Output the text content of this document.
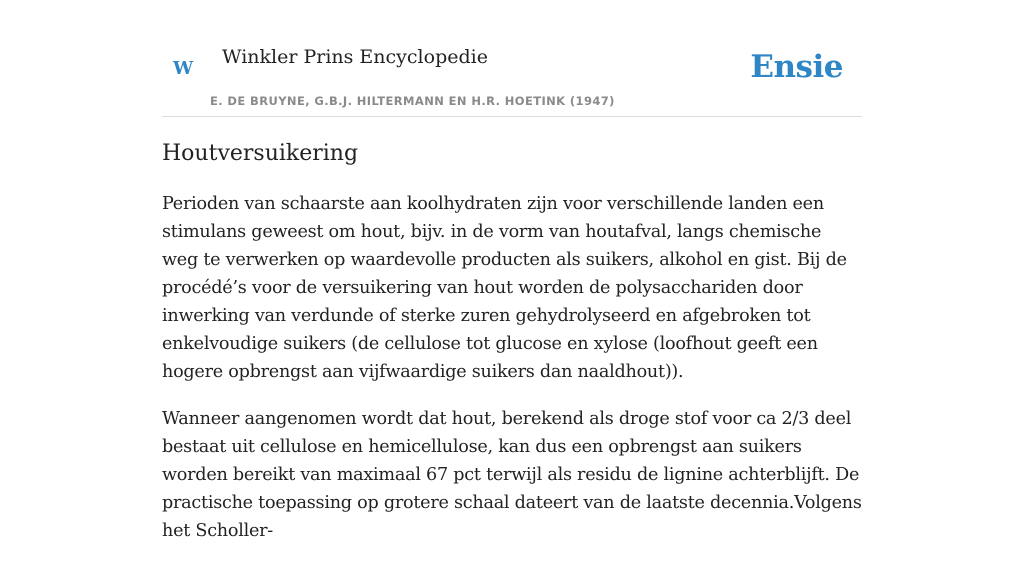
w Winkler Prins Encyclopedie
E. DE BRUYNE, G.B.J. HILTERMANN EN H.R. HOETINK (1947)
Ensie
Houtversuikering

Perioden van schaarste aan koolhydraten zijn voor verschillende landen een stimulans geweest om hout, bijv. in de vorm van houtafval, langs chemische weg te verwerken op waardevolle producten als suikers, alkohol en gist. Bij de procédé’s voor de versuikering van hout worden de polysacchariden door inwerking van verdunde of sterke zuren gehydrolyseerd en afgebroken tot enkelvoudige suikers (de cellulose tot glucose en xylose (loofhout geeft een hogere opbrengst aan vijfwaardige suikers dan naaldhout)).

Wanneer aangenomen wordt dat hout, berekend als droge stof voor ca 2/3 deel bestaat uit cellulose en hemicellulose, kan dus een opbrengst aan suikers worden bereikt van maximaal 67 pct terwijl als residu de lignine achterblijft. De practische toepassing op grotere schaal dateert van de laatste decennia.Volgens het Scholler-
